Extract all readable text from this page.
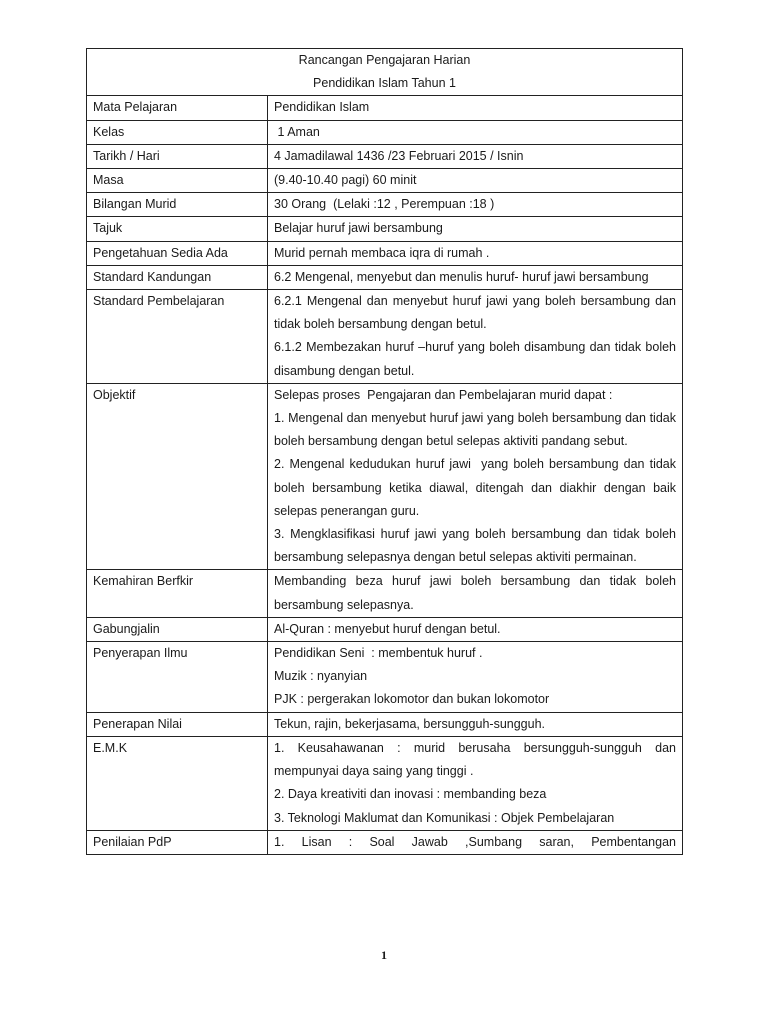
Rancangan Pengajaran Harian
Pendidikan Islam Tahun 1	

Mata Pelajaran	Pendidikan Islam
Kelas	1 Aman
Tarikh / Hari	4 Jamadilawal 1436 /23 Februari 2015 / Isnin
Masa	(9.40-10.40 pagi) 60 minit
Bilangan Murid	30 Orang  (Lelaki :12 , Perempuan :18 )
Tajuk	Belajar huruf jawi bersambung
Pengetahuan Sedia Ada	Murid pernah membaca iqra di rumah .
Standard Kandungan	6.2 Mengenal, menyebut dan menulis huruf- huruf jawi bersambung
Standard Pembelajaran	6.2.1 Mengenal dan menyebut huruf jawi yang boleh bersambung dan tidak boleh bersambung dengan betul.
6.1.2 Membezakan huruf –huruf yang boleh disambung dan tidak boleh disambung dengan betul.

Objektif	Selepas proses  Pengajaran dan Pembelajaran murid dapat :
1. Mengenal dan menyebut huruf jawi yang boleh bersambung dan tidak boleh bersambung dengan betul selepas aktiviti pandang sebut.
2. Mengenal kedudukan huruf jawi  yang boleh bersambung dan tidak boleh bersambung ketika diawal, ditengah dan diakhir dengan baik selepas penerangan guru.
3. Mengklasifikasi huruf jawi yang boleh bersambung dan tidak boleh bersambung selepasnya dengan betul selepas aktiviti permainan.

Kemahiran Berfkir	Membanding beza huruf jawi boleh bersambung dan tidak boleh bersambung selepasnya.
Gabungjalin	Al-Quran : menyebut huruf dengan betul.
Penyerapan Ilmu	Pendidikan Seni  : membentuk huruf .
Muzik : nyanyian
PJK : pergerakan lokomotor dan bukan lokomotor

Penerapan Nilai	Tekun, rajin, bekerjasama, bersungguh-sungguh.
E.M.K	1. Keusahawanan : murid berusaha bersungguh-sungguh dan mempunyai daya saing yang tinggi .
2. Daya kreativiti dan inovasi : membanding beza
3. Teknologi Maklumat dan Komunikasi : Objek Pembelajaran

Penilaian PdP	1. Lisan : Soal Jawab ,Sumbang saran, Pembentangan
1
